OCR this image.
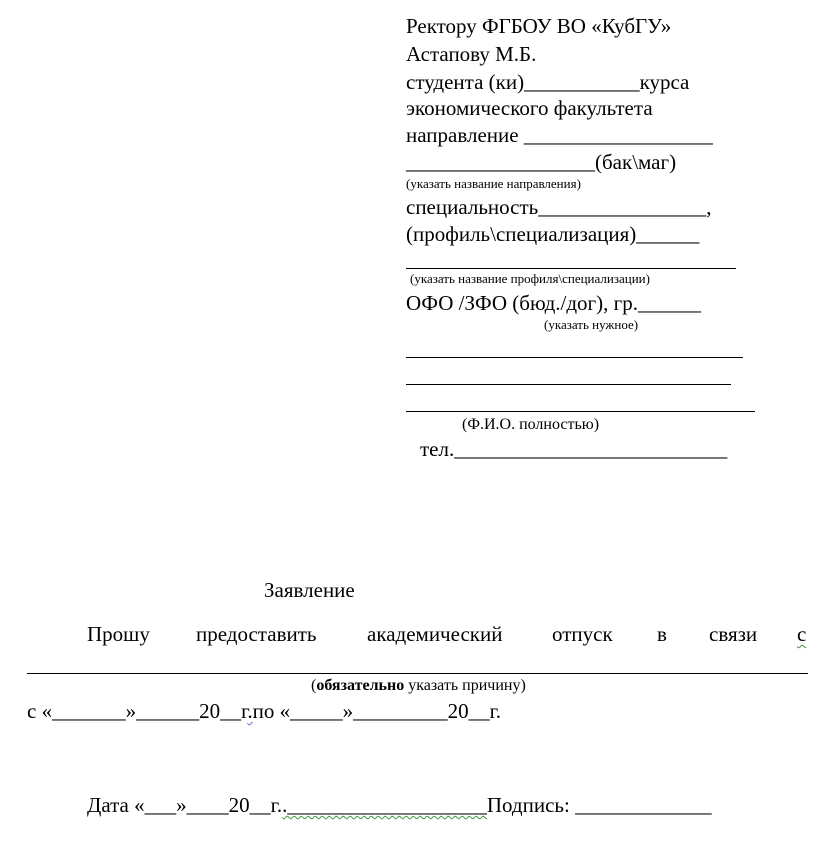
Ректору ФГБОУ ВО «КубГУ»
Астапову М.Б.
студента (ки)___________курса
экономического факультета
направление __________________
__________________(бак\маг)
(указать название направления)
специальность________________,
(профиль\специализация)______
(указать название профиля\специализации)
ОФО /ЗФО (бюд./дог), гр.______
(указать нужное)
(Ф.И.О. полностью)
тел.__________________________
Заявление
Прошу предоставить академический отпуск в связи с
(обязательно указать причину)
с «_______»______20__г.по «_____»_________20__г.
Дата «___»____20__г..___________________Подпись: _____________
